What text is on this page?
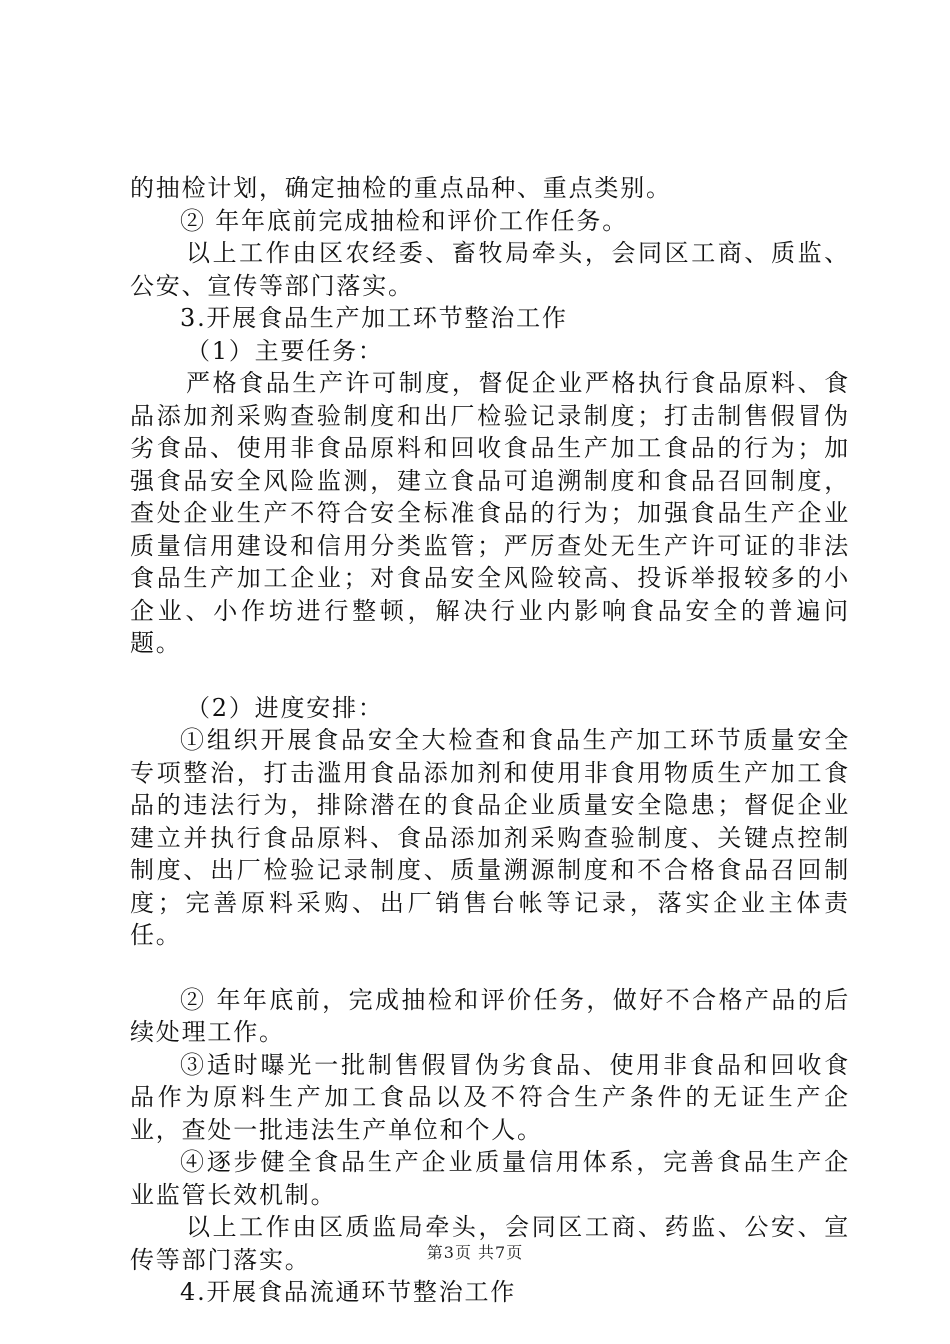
的抽检计划，确定抽检的重点品种、重点类别。

② 年年底前完成抽检和评价工作任务。

以上工作由区农经委、畜牧局牵头，会同区工商、质监、公安、宣传等部门落实。

3.开展食品生产加工环节整治工作

（1）主要任务：

严格食品生产许可制度，督促企业严格执行食品原料、食品添加剂采购查验制度和出厂检验记录制度；打击制售假冒伪劣食品、使用非食品原料和回收食品生产加工食品的行为；加强食品安全风险监测，建立食品可追溯制度和食品召回制度，查处企业生产不符合安全标准食品的行为；加强食品生产企业质量信用建设和信用分类监管；严厉查处无生产许可证的非法食品生产加工企业；对食品安全风险较高、投诉举报较多的小企业、小作坊进行整顿，解决行业内影响食品安全的普遍问题。

（2）进度安排：

①组织开展食品安全大检查和食品生产加工环节质量安全专项整治，打击滥用食品添加剂和使用非食用物质生产加工食品的违法行为，排除潜在的食品企业质量安全隐患；督促企业建立并执行食品原料、食品添加剂采购查验制度、关键点控制制度、出厂检验记录制度、质量溯源制度和不合格食品召回制度；完善原料采购、出厂销售台帐等记录，落实企业主体责任。

② 年年底前，完成抽检和评价任务，做好不合格产品的后续处理工作。

③适时曝光一批制售假冒伪劣食品、使用非食品和回收食品作为原料生产加工食品以及不符合生产条件的无证生产企业，查处一批违法生产单位和个人。

④逐步健全食品生产企业质量信用体系，完善食品生产企业监管长效机制。

以上工作由区质监局牵头，会同区工商、药监、公安、宣传等部门落实。

4.开展食品流通环节整治工作

第3页 共7页
